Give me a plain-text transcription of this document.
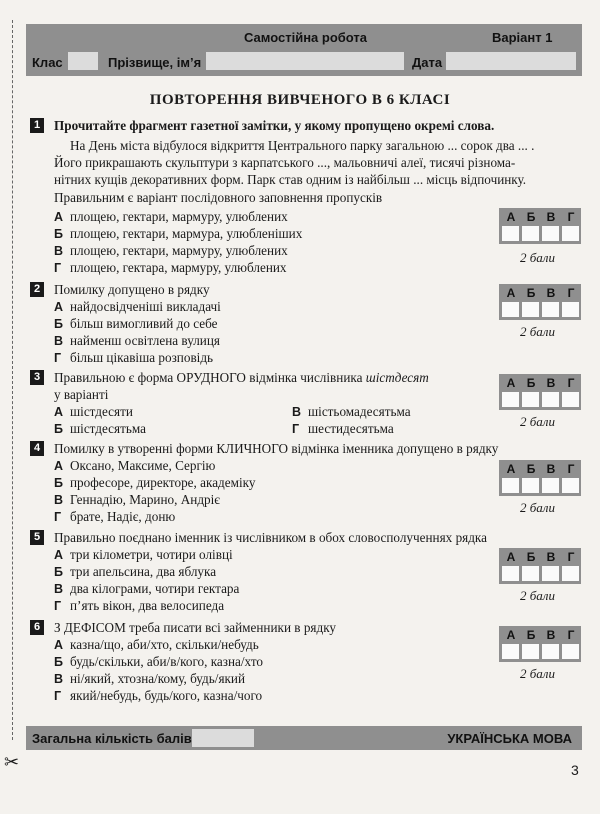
Самостійна робота	Варіант 1
Клас	Прізвище, ім’я	Дата
ПОВТОРЕННЯ ВИВЧЕНОГО В 6 КЛАСІ
1 Прочитайте фрагмент газетної замітки, у якому пропущено окремі слова.
На День міста відбулося відкриття Центрального парку загальною ... сорок два ... .
Його прикрашають скульптури з карпатського ..., мальовничі алеї, тисячі різнома-
нітних кущів декоративних форм. Парк став одним із найбільш ... місць відпочинку.
Правильним є варіант послідовного заповнення пропусків
А площею, гектари, мармуру, улюблених
Б площею, гектари, мармура, улюбленіших
В площею, гектари, мармуру, улюблених
Г площею, гектара, мармуру, улюблених
А Б В	Г
2 бали
2 Помилку допущено в рядку
А найдосвідченіші викладачі
Б більш вимогливий до себе
В найменш освітлена вулиця
Г більш цікавіша розповідь
А Б В	Г
2 бали
3 Правильною є форма ОРУДНОГО відмінка числівника шістдесят
у варіанті
А шістдесяти	В шістьомадесятьма
Б шістдесятьма	Г шестидесятьма
А Б В	Г
2 бали
4 Помилку в утворенні форми КЛИЧНОГО відмінка іменника допущено в рядку
А Оксано, Максиме, Сергію
Б професоре, директоре, академіку
В Геннадію, Марино, Андріє
Г брате, Надіє, доню
А Б В	Г
2 бали
5 Правильно поєднано іменник із числівником в обох словосполученнях рядка
А три кілометри, чотири олівці
Б три апельсина, два яблука
В два кілограми, чотири гектара
Г п’ять вікон, два велосипеда
А Б В	Г
2 бали
6 З ДЕФІСОМ треба писати всі займенники в рядку
А казна/що, аби/хто, скільки/небудь
Б будь/скільки, аби/в/кого, казна/хто
В ні/який, хтозна/кому, будь/який
Г який/небудь, будь/кого, казна/чого
А Б В	Г
2 бали
Загальна кількість балів	УКРАЇНСЬКА МОВА
✂	3
